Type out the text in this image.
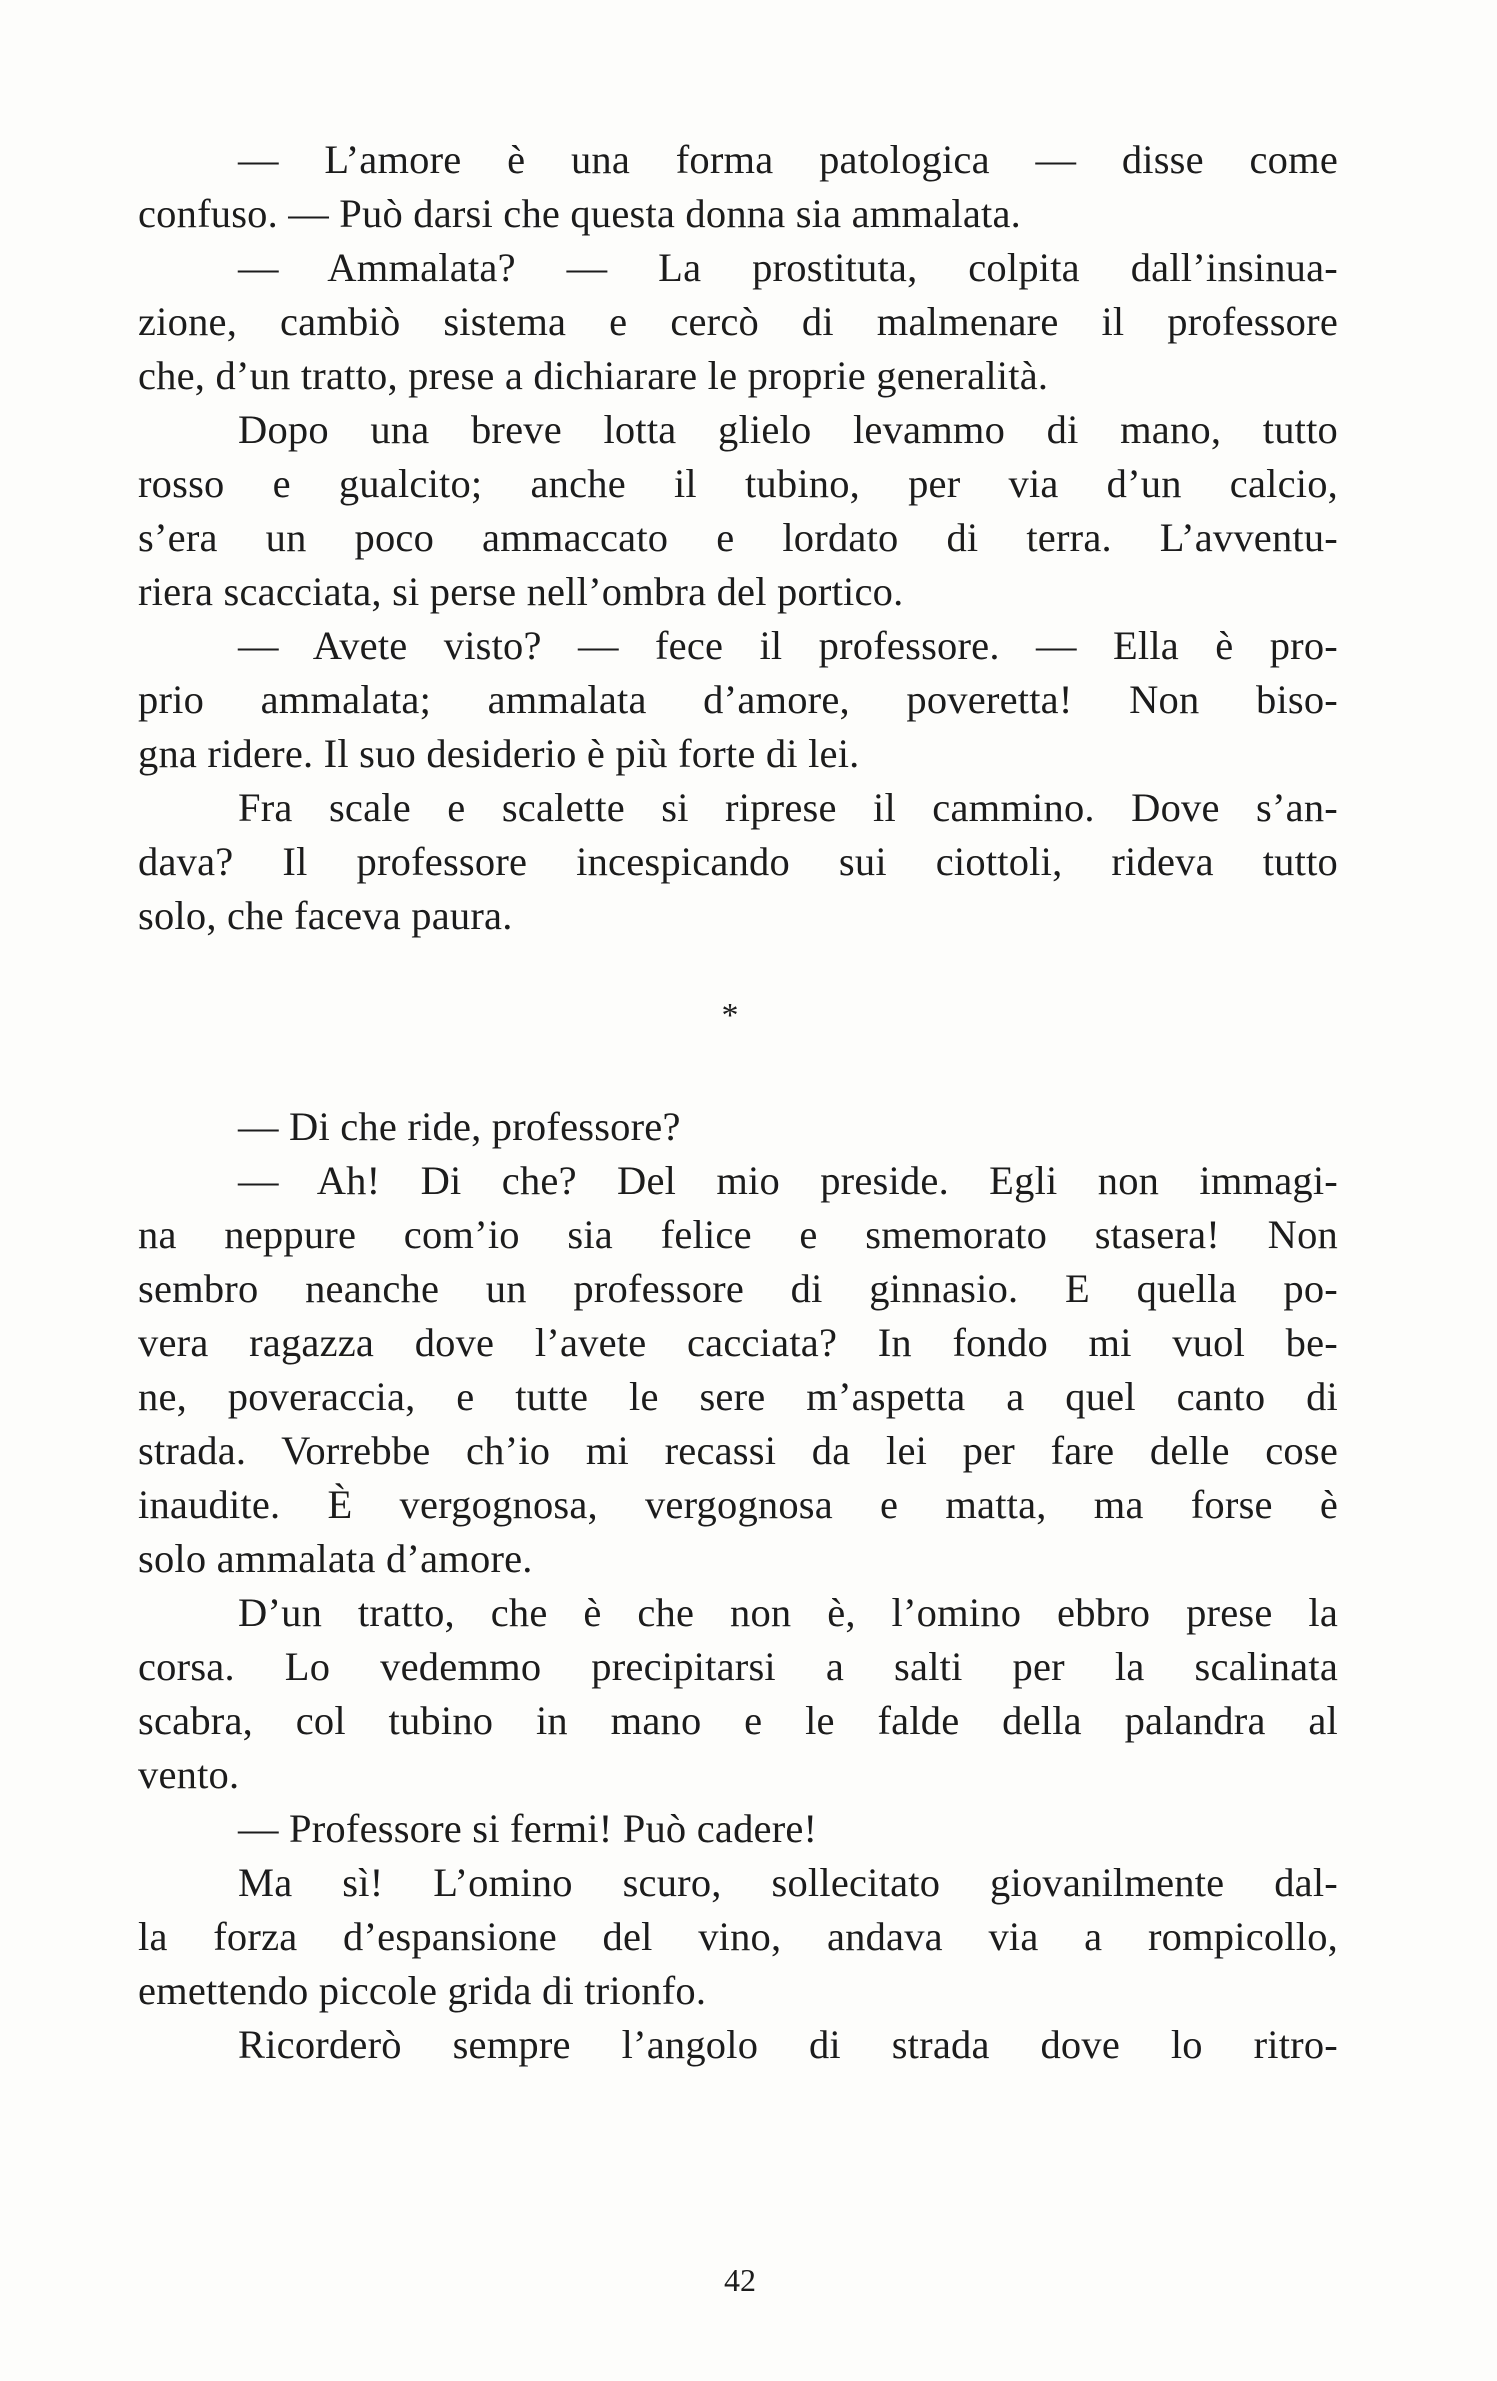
— L’amore è una forma patologica — disse come
confuso. — Può darsi che questa donna sia ammalata.
— Ammalata? — La prostituta, colpita dall’insinua-
zione, cambiò sistema e cercò di malmenare il professore
che, d’un tratto, prese a dichiarare le proprie generalità.
Dopo una breve lotta glielo levammo di mano, tutto
rosso e gualcito; anche il tubino, per via d’un calcio,
s’era un poco ammaccato e lordato di terra. L’avventu-
riera scacciata, si perse nell’ombra del portico.
— Avete visto? — fece il professore. — Ella è pro-
prio ammalata; ammalata d’amore, poveretta! Non biso-
gna ridere. Il suo desiderio è più forte di lei.
Fra scale e scalette si riprese il cammino. Dove s’an-
dava? Il professore incespicando sui ciottoli, rideva tutto
solo, che faceva paura.
*
— Di che ride, professore?
— Ah! Di che? Del mio preside. Egli non immagi-
na neppure com’io sia felice e smemorato stasera! Non
sembro neanche un professore di ginnasio. E quella po-
vera ragazza dove l’avete cacciata? In fondo mi vuol be-
ne, poveraccia, e tutte le sere m’aspetta a quel canto di
strada. Vorrebbe ch’io mi recassi da lei per fare delle cose
inaudite. È vergognosa, vergognosa e matta, ma forse è
solo ammalata d’amore.
D’un tratto, che è che non è, l’omino ebbro prese la
corsa. Lo vedemmo precipitarsi a salti per la scalinata
scabra, col tubino in mano e le falde della palandra al
vento.
— Professore si fermi! Può cadere!
Ma sì! L’omino scuro, sollecitato giovanilmente dal-
la forza d’espansione del vino, andava via a rompicollo,
emettendo piccole grida di trionfo.
Ricorderò sempre l’angolo di strada dove lo ritro-
42
